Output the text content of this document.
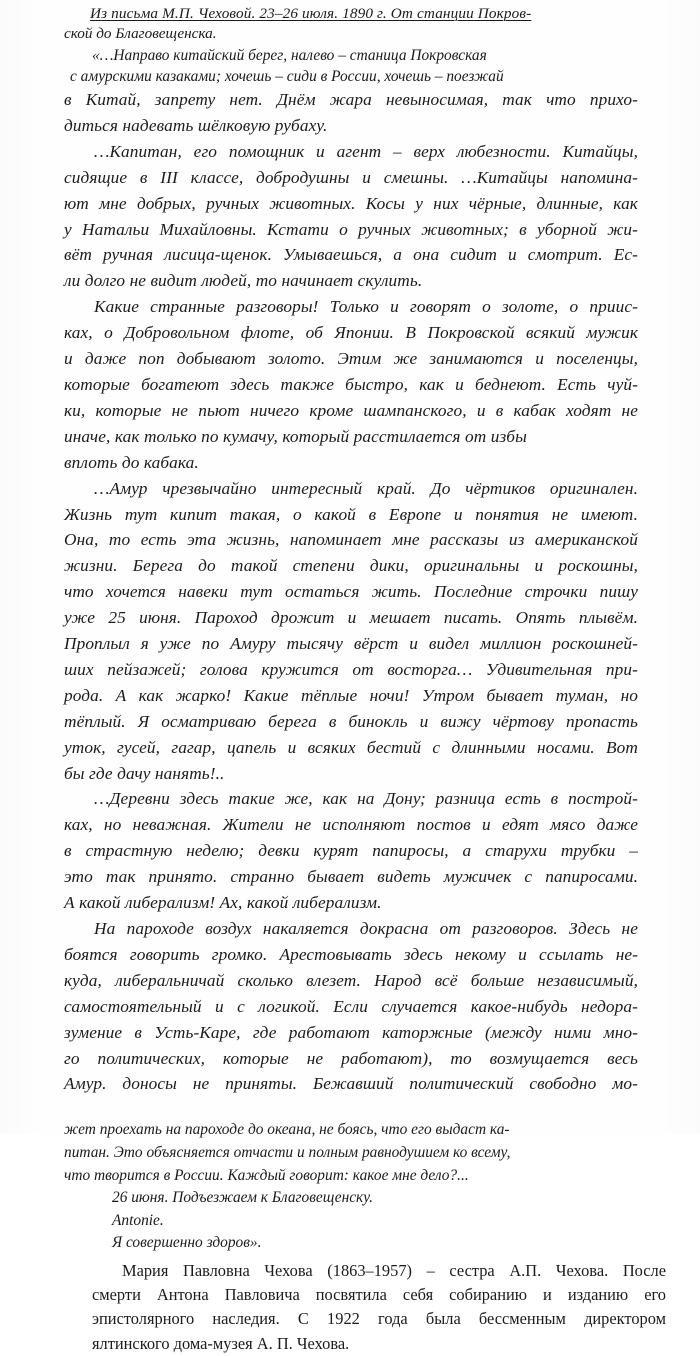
Из письма М.П. Чеховой. 23–26 июля. 1890 г. От станции Покров-
ской до Благовещенска.
«…Направо китайский берег, налево – станица Покровская
с амурскими казаками; хочешь – сиди в России, хочешь – поезжай
в Китай, запрету нет. Днём жара невыносимая, так что прихо-
диться надевать шёлковую рубаху.
…Капитан, его помощник и агент – верх любезности. Китайцы,
сидящие в III классе, добродушны и смешны. …Китайцы напомина-
ют мне добрых, ручных животных. Косы у них чёрные, длинные, как
у Натальи Михайловны. Кстати о ручных животных; в уборной жи-
вёт ручная лисица-щенок. Умываешься, а она сидит и смотрит. Ес-
ли долго не видит людей, то начинает скулить.
Какие странные разговоры! Только и говорят о золоте, о приис-
ках, о Добровольном флоте, об Японии. В Покровской всякий мужик
и даже поп добывают золото. Этим же занимаются и поселенцы,
которые богатеют здесь также быстро, как и беднеют. Есть чуй-
ки, которые не пьют ничего кроме шампанского, и в кабак ходят не
иначе, как только по кумачу, который расстилается от избы
вплоть до кабака.
…Амур чрезвычайно интересный край. До чёртиков оригинален.
Жизнь тут кипит такая, о какой в Европе и понятия не имеют.
Она, то есть эта жизнь, напоминает мне рассказы из американской
жизни. Берега до такой степени дики, оригинальны и роскошны,
что хочется навеки тут остаться жить. Последние строчки пишу
уже 25 июня. Пароход дрожит и мешает писать. Опять плывём.
Проплыл я уже по Амуру тысячу вёрст и видел миллион роскошней-
ших пейзажей; голова кружится от восторга… Удивительная при-
рода. А как жарко! Какие тёплые ночи! Утром бывает туман, но
тёплый. Я осматриваю берега в бинокль и вижу чёртову пропасть
уток, гусей, гагар, цапель и всяких бестий с длинными носами. Вот
бы где дачу нанять!..
…Деревни здесь такие же, как на Дону; разница есть в построй-
ках, но неважная. Жители не исполняют постов и едят мясо даже
в страстную неделю; девки курят папиросы, а старухи трубки –
это так принято. странно бывает видеть мужичек с папиросами.
А какой либерализм! Ах, какой либерализм.
На пароходе воздух накаляется докрасна от разговоров. Здесь не
боятся говорить громко. Арестовывать здесь некому и ссылать не-
куда, либеральничай сколько влезет. Народ всё больше независимый,
самостоятельный и с логикой. Если случается какое-нибудь недора-
зумение в Усть-Каре, где работают каторжные (между ними мно-
го политических, которые не работают), то возмущается весь
Амур. доносы не приняты. Бежавший политический свободно мо-
жет проехать на пароходе до океана, не боясь, что его выдаст ка-
питан. Это объясняется отчасти и полным равнодушием ко всему,
что творится в России. Каждый говорит: какое мне дело?...
26 июня. Подъезжаем к Благовещенску.
Antonie.
Я совершенно здоров».
Мария Павловна Чехова (1863–1957) – сестра А.П. Чехова. После
смерти Антона Павловича посвятила себя собиранию и изданию его
эпистолярного наследия. С 1922 года была бессменным директором
ялтинского дома-музея А. П. Чехова.
